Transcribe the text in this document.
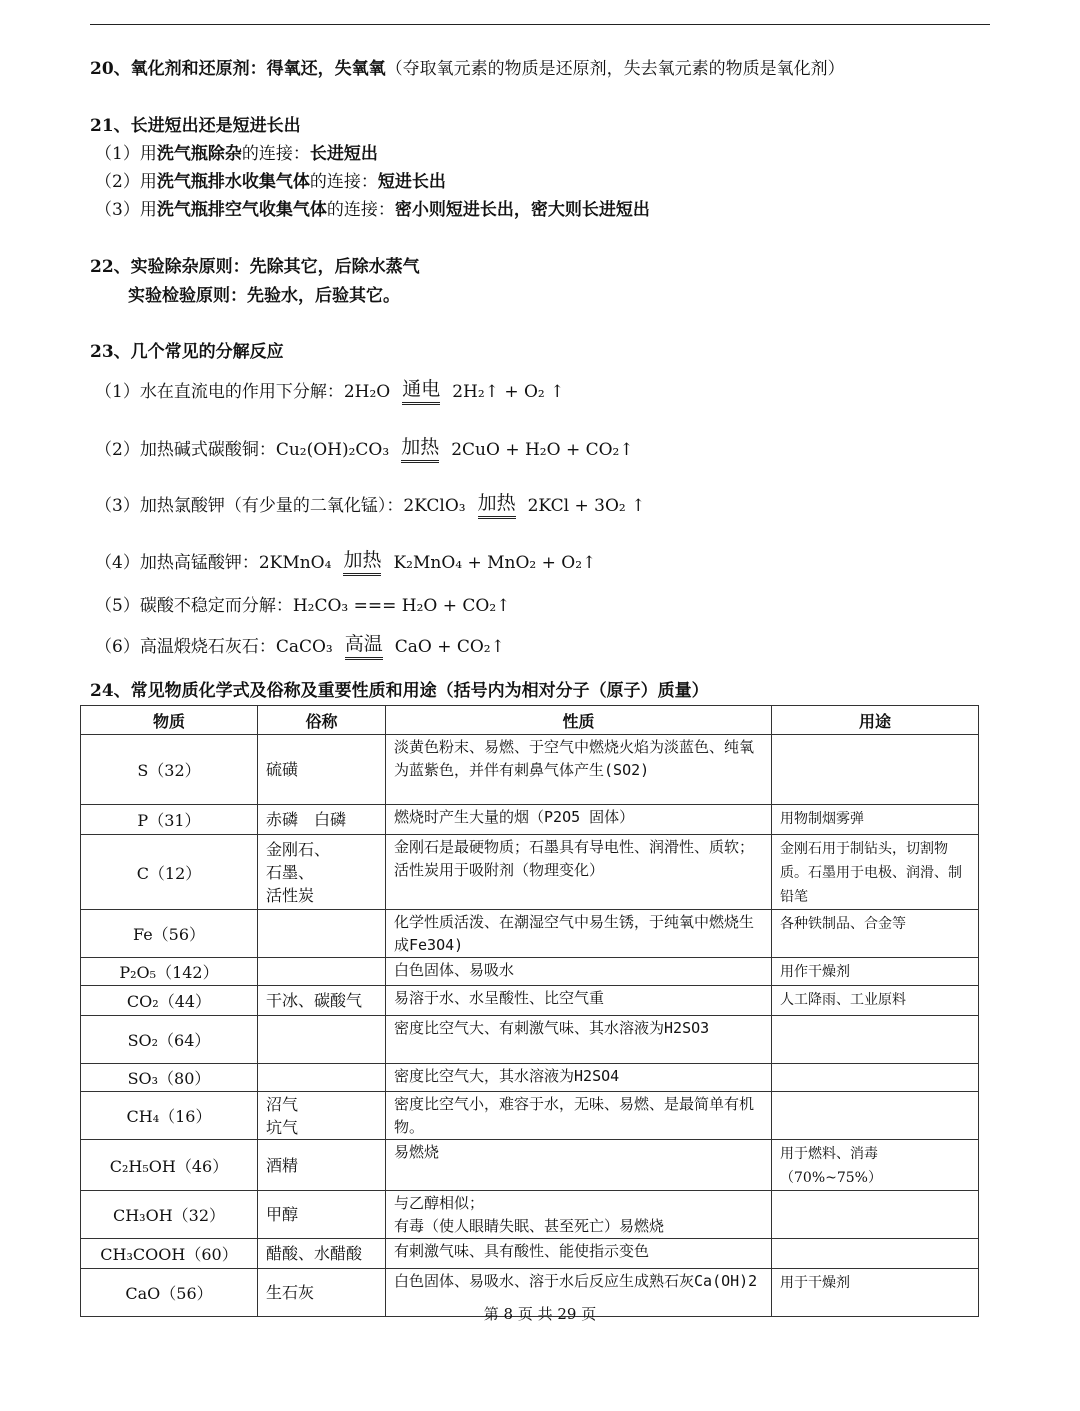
20、氧化剂和还原剂：得氧还，失氧氧（夺取氧元素的物质是还原剂，失去氧元素的物质是氧化剂）
21、长进短出还是短进长出
（1）用洗气瓶除杂的连接：长进短出
（2）用洗气瓶排水收集气体的连接：短进长出
（3）用洗气瓶排空气收集气体的连接：密小则短进长出，密大则长进短出
22、实验除杂原则：先除其它，后除水蒸气
实验检验原则：先验水，后验其它。
23、几个常见的分解反应
（1）水在直流电的作用下分解：2H₂O 通电 2H₂↑ + O₂ ↑
（2）加热碱式碳酸铜：Cu₂(OH)₂CO₃ 加热 2CuO + H₂O + CO₂↑
（3）加热氯酸钾（有少量的二氧化锰）：2KClO₃ 加热 2KCl + 3O₂ ↑
（4）加热高锰酸钾：2KMnO₄ 加热 K₂MnO₄ + MnO₂ + O₂↑
（5）碳酸不稳定而分解：H₂CO₃ === H₂O + CO₂↑
（6）高温煅烧石灰石：CaCO₃ 高温 CaO + CO₂↑
24、常见物质化学式及俗称及重要性质和用途（括号内为相对分子（原子）质量）
物质	俗称	性质	用途
S（32）	硫磺	淡黄色粉末、易燃、于空气中燃烧火焰为淡蓝色、纯氧为蓝紫色，并伴有刺鼻气体产生(SO2)	
P（31）	赤磷　白磷	燃烧时产生大量的烟（P2O5 固体）	用物制烟雾弹
C（12）	金刚石、
石墨、
活性炭	金刚石是最硬物质；石墨具有导电性、润滑性、质软；活性炭用于吸附剂（物理变化）	金刚石用于制钻头，切割物质。石墨用于电极、润滑、制铅笔
Fe（56）		化学性质活泼、在潮湿空气中易生锈，于纯氧中燃烧生成Fe3O4)	各种铁制品、合金等
P₂O₅（142）		白色固体、易吸水	用作干燥剂
CO₂（44）	干冰、碳酸气	易溶于水、水呈酸性、比空气重	人工降雨、工业原料
SO₂（64）		密度比空气大、有刺激气味、其水溶液为H2SO3	
SO₃（80）		密度比空气大，其水溶液为H2SO4	
CH₄（16）	沼气
坑气	密度比空气小，难容于水，无味、易燃、是最简单有机物。	
C₂H₅OH（46）	酒精	易燃烧	用于燃料、消毒（70%~75%）
CH₃OH（32）	甲醇	与乙醇相似；
有毒（使人眼睛失眠、甚至死亡）易燃烧	
CH₃COOH（60）	醋酸、水醋酸	有刺激气味、具有酸性、能使指示变色	
CaO（56）	生石灰	白色固体、易吸水、溶于水后反应生成熟石灰Ca(OH)2	用于干燥剂
第 8 页 共 29 页
